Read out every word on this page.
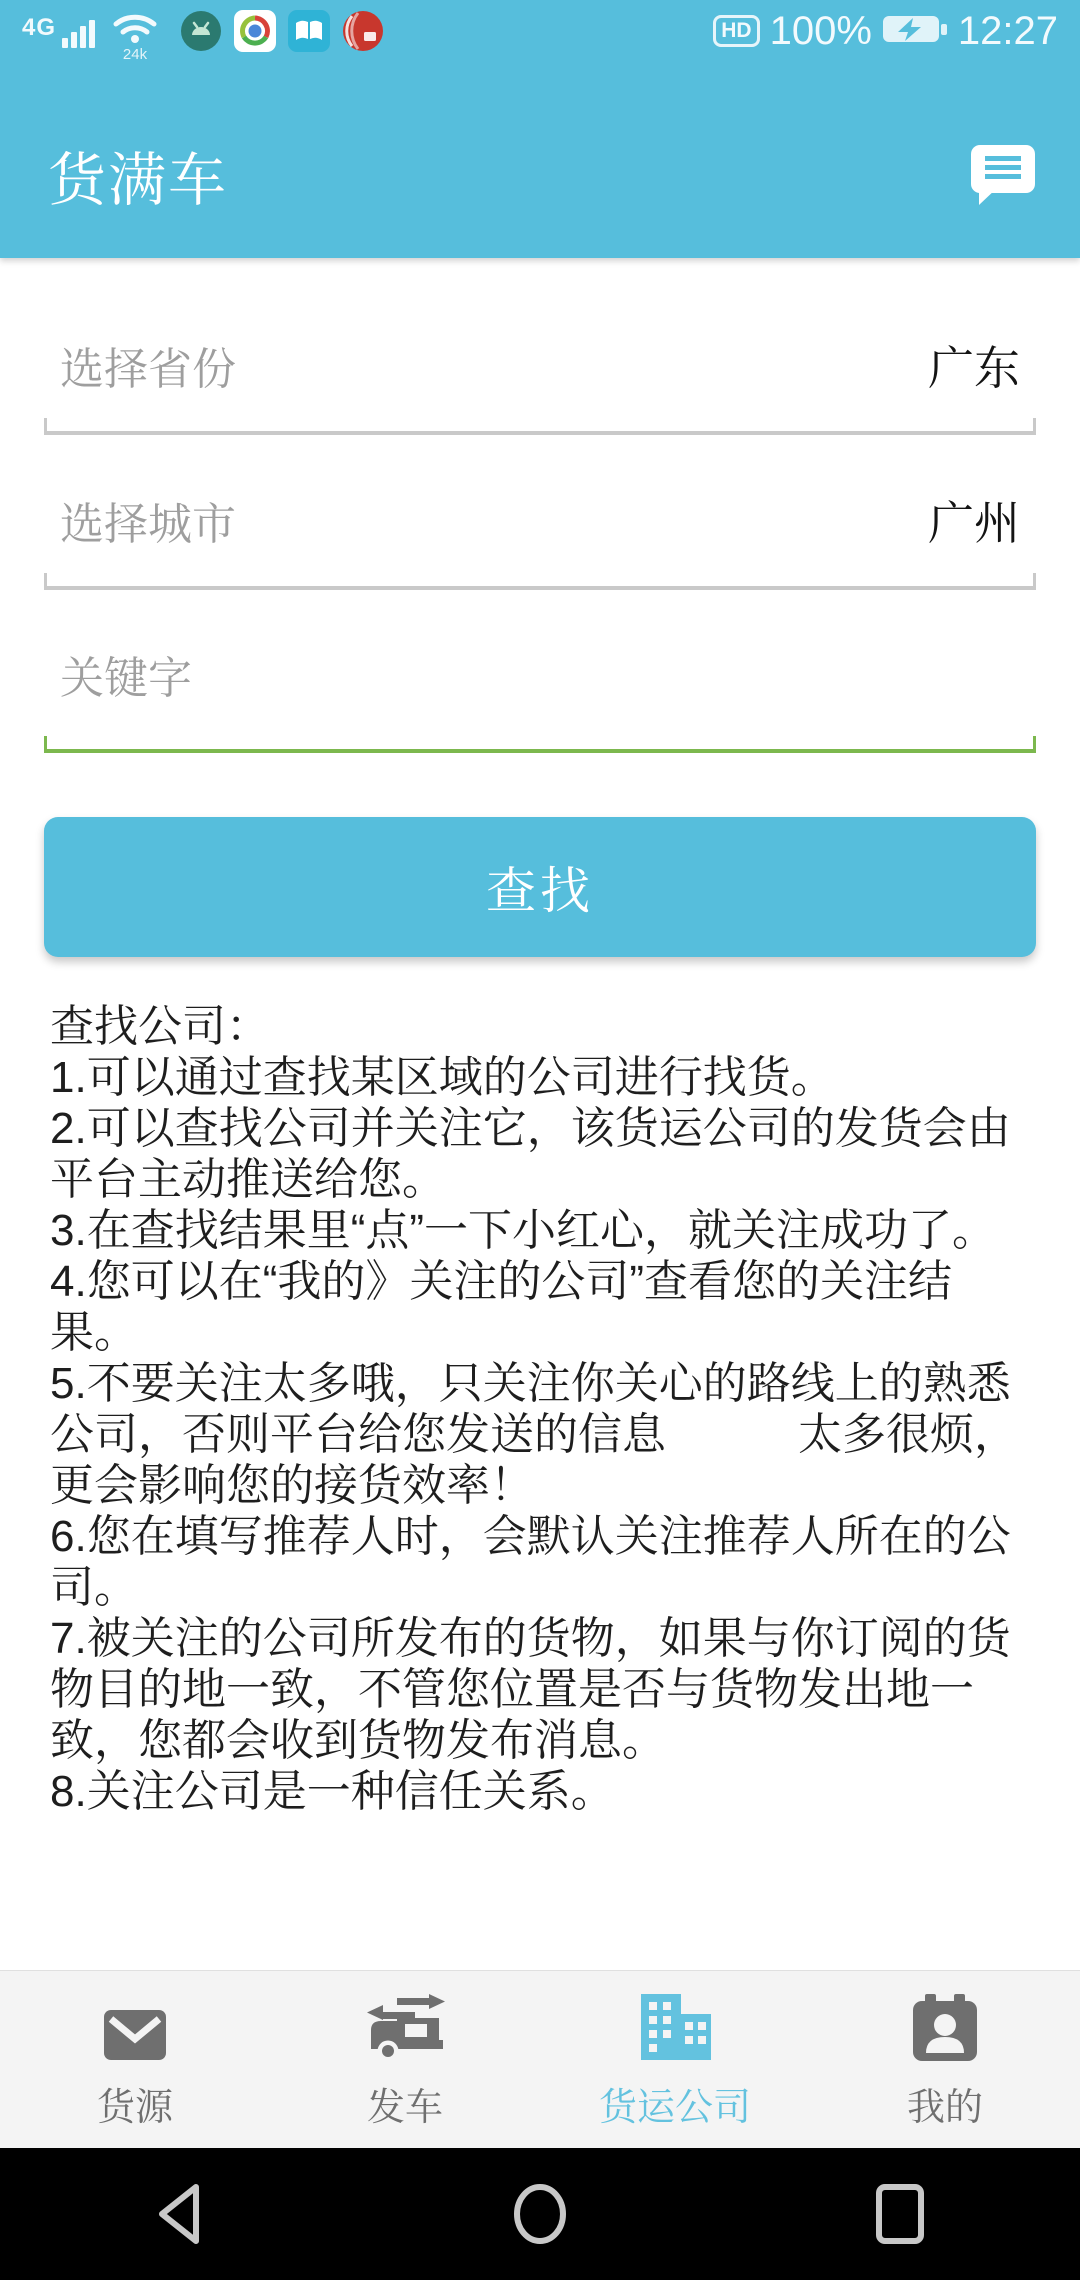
4G
24k
HD 100% 12:27
货满车
选择省份	广东
选择城市	广州
关键字
查找

查找公司：

1.可以通过查找某区域的公司进行找货。

2.可以查找公司并关注它，该货运公司的发货会由平台主动推送给您。

3.在查找结果里“点”一下小红心，就关注成功了。

4.您可以在“我的》关注的公司”查看您的关注结果。

5.不要关注太多哦，只关注你关心的路线上的熟悉公司，否则平台给您发送的信息　　　太多很烦，更会影响您的接货效率！

6.您在填写推荐人时，会默认关注推荐人所在的公司。

7.被关注的公司所发布的货物，如果与你订阅的货物目的地一致，不管您位置是否与货物发出地一致，您都会收到货物发布消息。

8.关注公司是一种信任关系。

货源	发车	货运公司	我的
